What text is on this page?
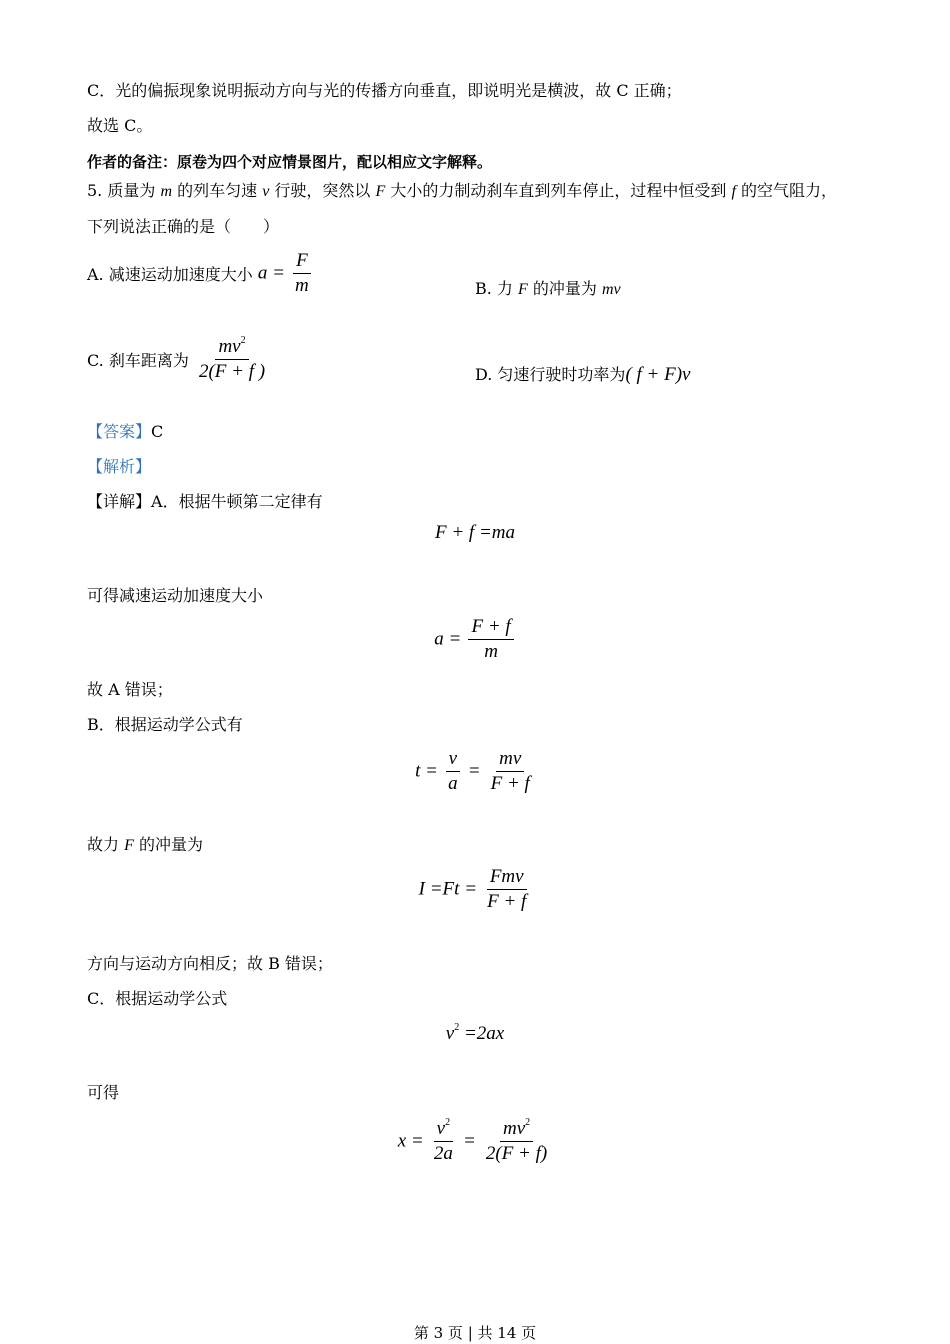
C．光的偏振现象说明振动方向与光的传播方向垂直，即说明光是横波，故 C 正确；
故选 C。
作者的备注：原卷为四个对应情景图片，配以相应文字解释。
5. 质量为 m 的列车匀速 v 行驶，突然以 F 大小的力制动刹车直到列车停止，过程中恒受到 f 的空气阻力，
下列说法正确的是（　　）
A. 减速运动加速度大小 $a = \frac{F}{m}$	B. 力 F 的冲量为 mv
C. 刹车距离为 $\frac{mv^2}{2(F + f )}$	D. 匀速行驶时功率为( f + F)v
【答案】C
【解析】
【详解】A．根据牛顿第二定律有
F + f =ma
可得减速运动加速度大小
$a = \frac{F + f}{m}$
故 A 错误；
B．根据运动学公式有
$t = \frac{v}{a} = \frac{mv}{F + f}$
故力 F 的冲量为
$I =Ft = \frac{\text{Fmv}}{F + f}$
方向与运动方向相反；故 B 错误；
C．根据运动学公式
$v^2 =2ax$
可得
$x = \frac{v^2}{2a} = \frac{mv^2}{2(F + f)}$
第 3 页 | 共 14 页
